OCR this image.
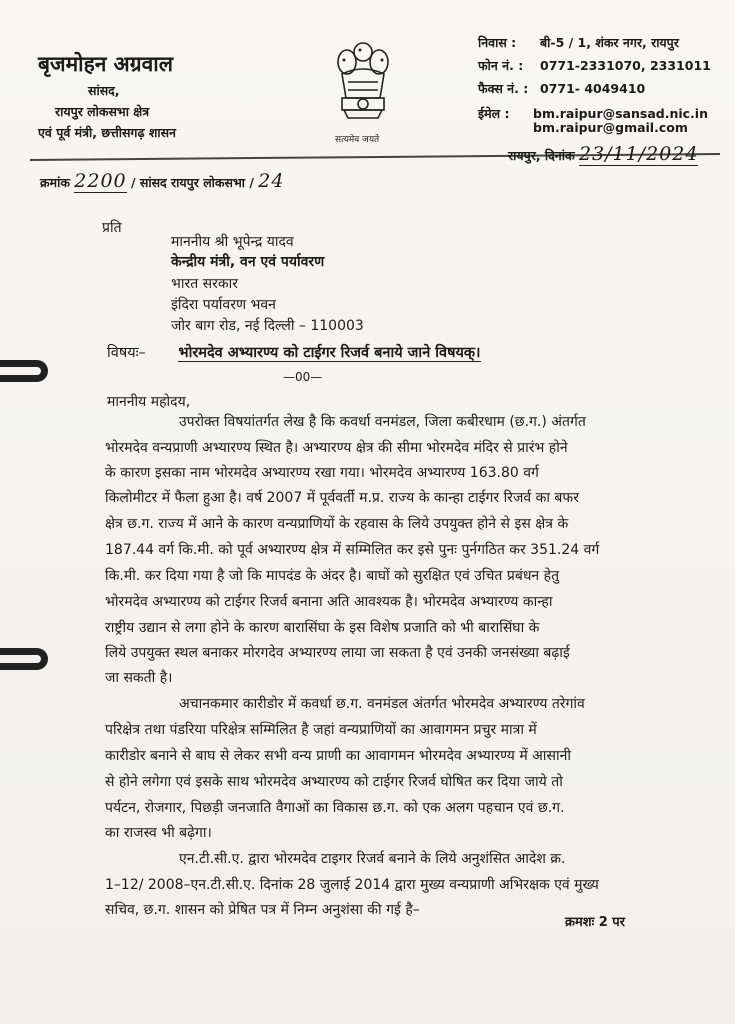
बृजमोहन अग्रवाल
सांसद,
रायपुर लोकसभा क्षेत्र
एवं पूर्व मंत्री, छत्तीसगढ़ शासन	सत्यमेव जयते
निवास : बी-5 / 1, शंकर नगर, रायपुर
फोन नं. : 0771-2331070, 2331011
फैक्स नं. : 0771- 4049410
ईमेल : bm.raipur@sansad.nic.in
bm.raipur@gmail.com
क्रमांक 2200 / सांसद रायपुर लोकसभा / 24
रायपुर, दिनांक 23/11/2024
प्रति
माननीय श्री भूपेन्द्र यादव
केन्द्रीय मंत्री, वन एवं पर्यावरण
भारत सरकार
इंदिरा पर्यावरण भवन
जोर बाग रोड, नई दिल्ली – 110003
विषयः– भोरमदेव अभ्यारण्य को टाईगर रिजर्व बनाये जाने विषयक्।
—00—
माननीय महोदय,
उपरोक्त विषयांतर्गत लेख है कि कवर्धा वनमंडल, जिला कबीरधाम (छ.ग.) अंतर्गत
भोरमदेव वन्यप्राणी अभ्यारण्य स्थित है। अभ्यारण्य क्षेत्र की सीमा भोरमदेव मंदिर से प्रारंभ होने
के कारण इसका नाम भोरमदेव अभ्यारण्य रखा गया। भोरमदेव अभ्यारण्य 163.80 वर्ग
किलोमीटर में फैला हुआ है। वर्ष 2007 में पूर्ववर्ती म.प्र. राज्य के कान्हा टाईगर रिजर्व का बफर
क्षेत्र छ.ग. राज्य में आने के कारण वन्यप्राणियों के रहवास के लिये उपयुक्त होने से इस क्षेत्र के
187.44 वर्ग कि.मी. को पूर्व अभ्यारण्य क्षेत्र में सम्मिलित कर इसे पुनः पुर्नगठित कर 351.24 वर्ग
कि.मी. कर दिया गया है जो कि मापदंड के अंदर है। बाघों को सुरक्षित एवं उचित प्रबंधन हेतु
भोरमदेव अभ्यारण्य को टाईगर रिजर्व बनाना अति आवश्यक है। भोरमदेव अभ्यारण्य कान्हा
राष्ट्रीय उद्यान से लगा होने के कारण बारासिंघा के इस विशेष प्रजाति को भी बारासिंघा के
लिये उपयुक्त स्थल बनाकर मोरगदेव अभ्यारण्य लाया जा सकता है एवं उनकी जनसंख्या बढ़ाई
जा सकती है।
अचानकमार कारीडोर में कवर्धा छ.ग. वनमंडल अंतर्गत भोरमदेव अभ्यारण्य तरेगांव
परिक्षेत्र तथा पंडरिया परिक्षेत्र सम्मिलित है जहां वन्यप्राणियों का आवागमन प्रचुर मात्रा में
कारीडोर बनाने से बाघ से लेकर सभी वन्य प्राणी का आवागमन भोरमदेव अभ्यारण्य में आसानी
से होने लगेगा एवं इसके साथ भोरमदेव अभ्यारण्य को टाईगर रिजर्व घोषित कर दिया जाये तो
पर्यटन, रोजगार, पिछड़ी जनजाति वैगाओं का विकास छ.ग. को एक अलग पहचान एवं छ.ग.
का राजस्व भी बढ़ेगा।
एन.टी.सी.ए. द्वारा भोरमदेव टाइगर रिजर्व बनाने के लिये अनुशंसित आदेश क्र.
1–12/ 2008–एन.टी.सी.ए. दिनांक 28 जुलाई 2014 द्वारा मुख्य वन्यप्राणी अभिरक्षक एवं मुख्य
सचिव, छ.ग. शासन को प्रेषित पत्र में निम्न अनुशंसा की गई है–
क्रमशः 2 पर
